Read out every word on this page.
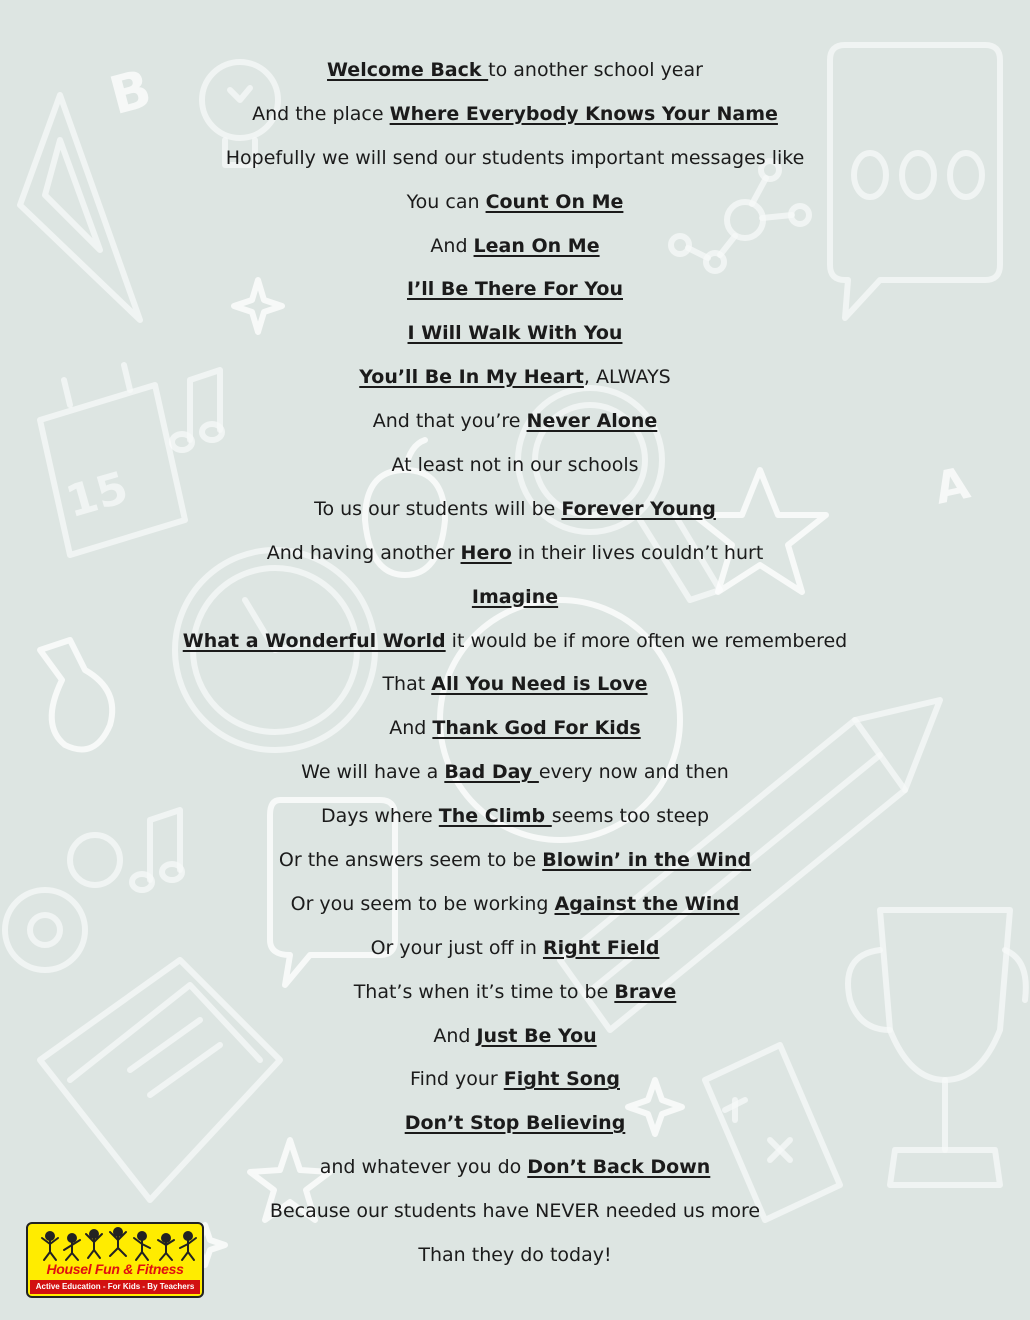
B
15	A
Welcome Back to another school year
And the place Where Everybody Knows Your Name
Hopefully we will send our students important messages like
You can Count On Me
And Lean On Me
I’ll Be There For You
I Will Walk With You
You’ll Be In My Heart, ALWAYS
And that you’re Never Alone
At least not in our schools
To us our students will be Forever Young
And having another Hero in their lives couldn’t hurt
Imagine
What a Wonderful World it would be if more often we remembered
That All You Need is Love
And Thank God For Kids
We will have a Bad Day every now and then
Days where The Climb seems too steep
Or the answers seem to be Blowin’ in the Wind
Or you seem to be working Against the Wind
Or your just off in Right Field
That’s when it’s time to be Brave
And Just Be You
Find your Fight Song
Don’t Stop Believing
and whatever you do Don’t Back Down
Because our students have NEVER needed us more
Than they do today!
Housel Fun & Fitness
Active Education - For Kids - By Teachers
